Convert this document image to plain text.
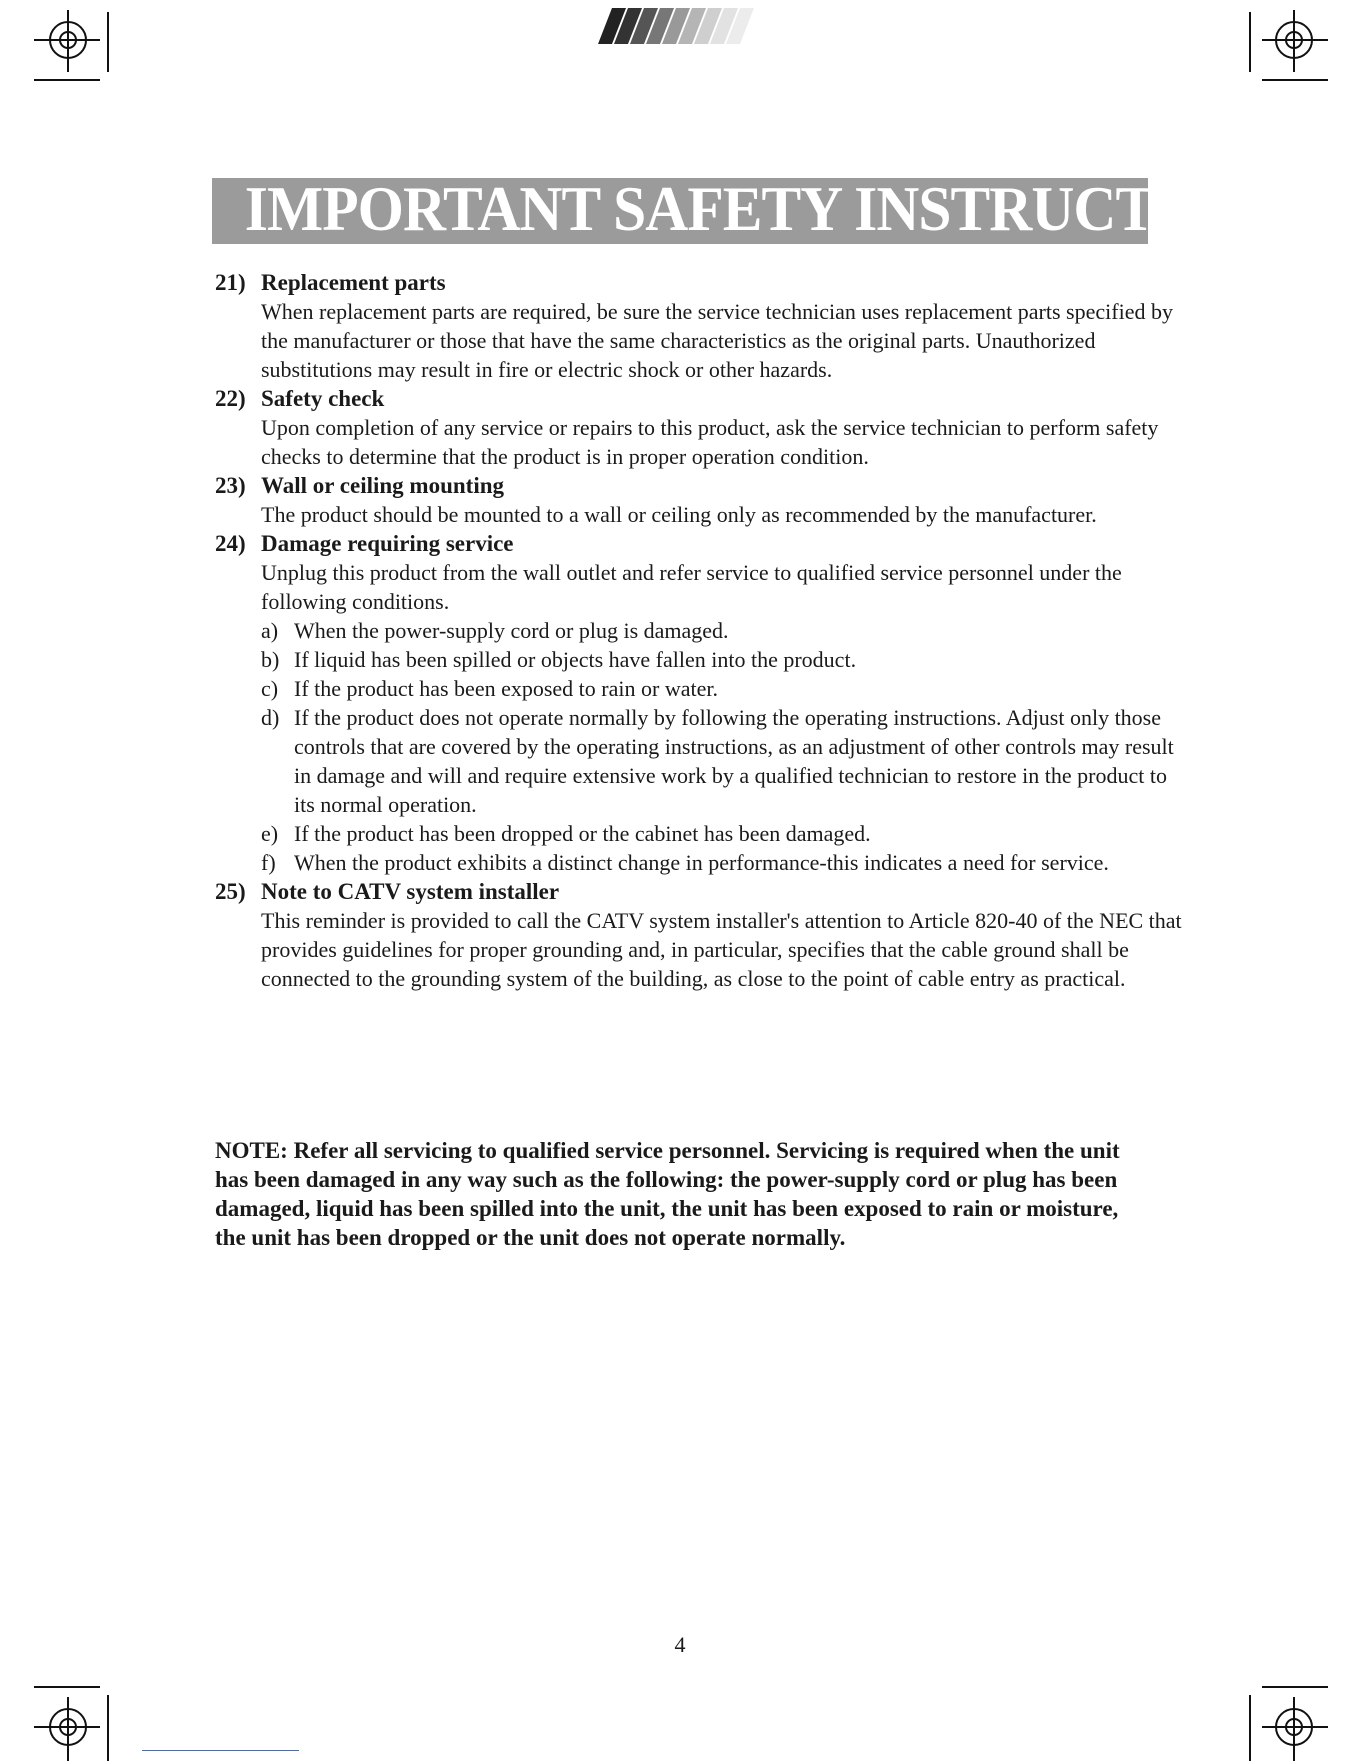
IMPORTANT SAFETY INSTRUCTION
21) Replacement parts
When replacement parts are required, be sure the service technician uses replacement parts specified by the manufacturer or those that have the same characteristics as the original parts. Unauthorized substitutions may result in fire or electric shock or other hazards.
22) Safety check
Upon completion of any service or repairs to this product, ask the service technician to perform safety checks to determine that the product is in proper operation condition.
23) Wall or ceiling mounting
The product should be mounted to a wall or ceiling only as recommended by the manufacturer.
24) Damage requiring service
Unplug this product from the wall outlet and refer service to qualified service personnel under the following conditions.
a) When the power-supply cord or plug is damaged.
b) If liquid has been spilled or objects have fallen into the product.
c) If the product has been exposed to rain or water.
d) If the product does not operate normally by following the operating instructions. Adjust only those controls that are covered by the operating instructions, as an adjustment of other controls may result in damage and will and require extensive work by a qualified technician to restore in the product to its normal operation.
e) If the product has been dropped or the cabinet has been damaged.
f) When the product exhibits a distinct change in performance-this indicates a need for service.
25) Note to CATV system installer
This reminder is provided to call the CATV system installer's attention to Article 820-40 of the NEC that provides guidelines for proper grounding and, in particular, specifies that the cable ground shall be connected to the grounding system of the building, as close to the point of cable entry as practical.
NOTE: Refer all servicing to qualified service personnel. Servicing is required when the unit has been damaged in any way such as the following: the power-supply cord or plug has been damaged, liquid has been spilled into the unit, the unit has been exposed to rain or moisture, the unit has been dropped or the unit does not operate normally.
4
